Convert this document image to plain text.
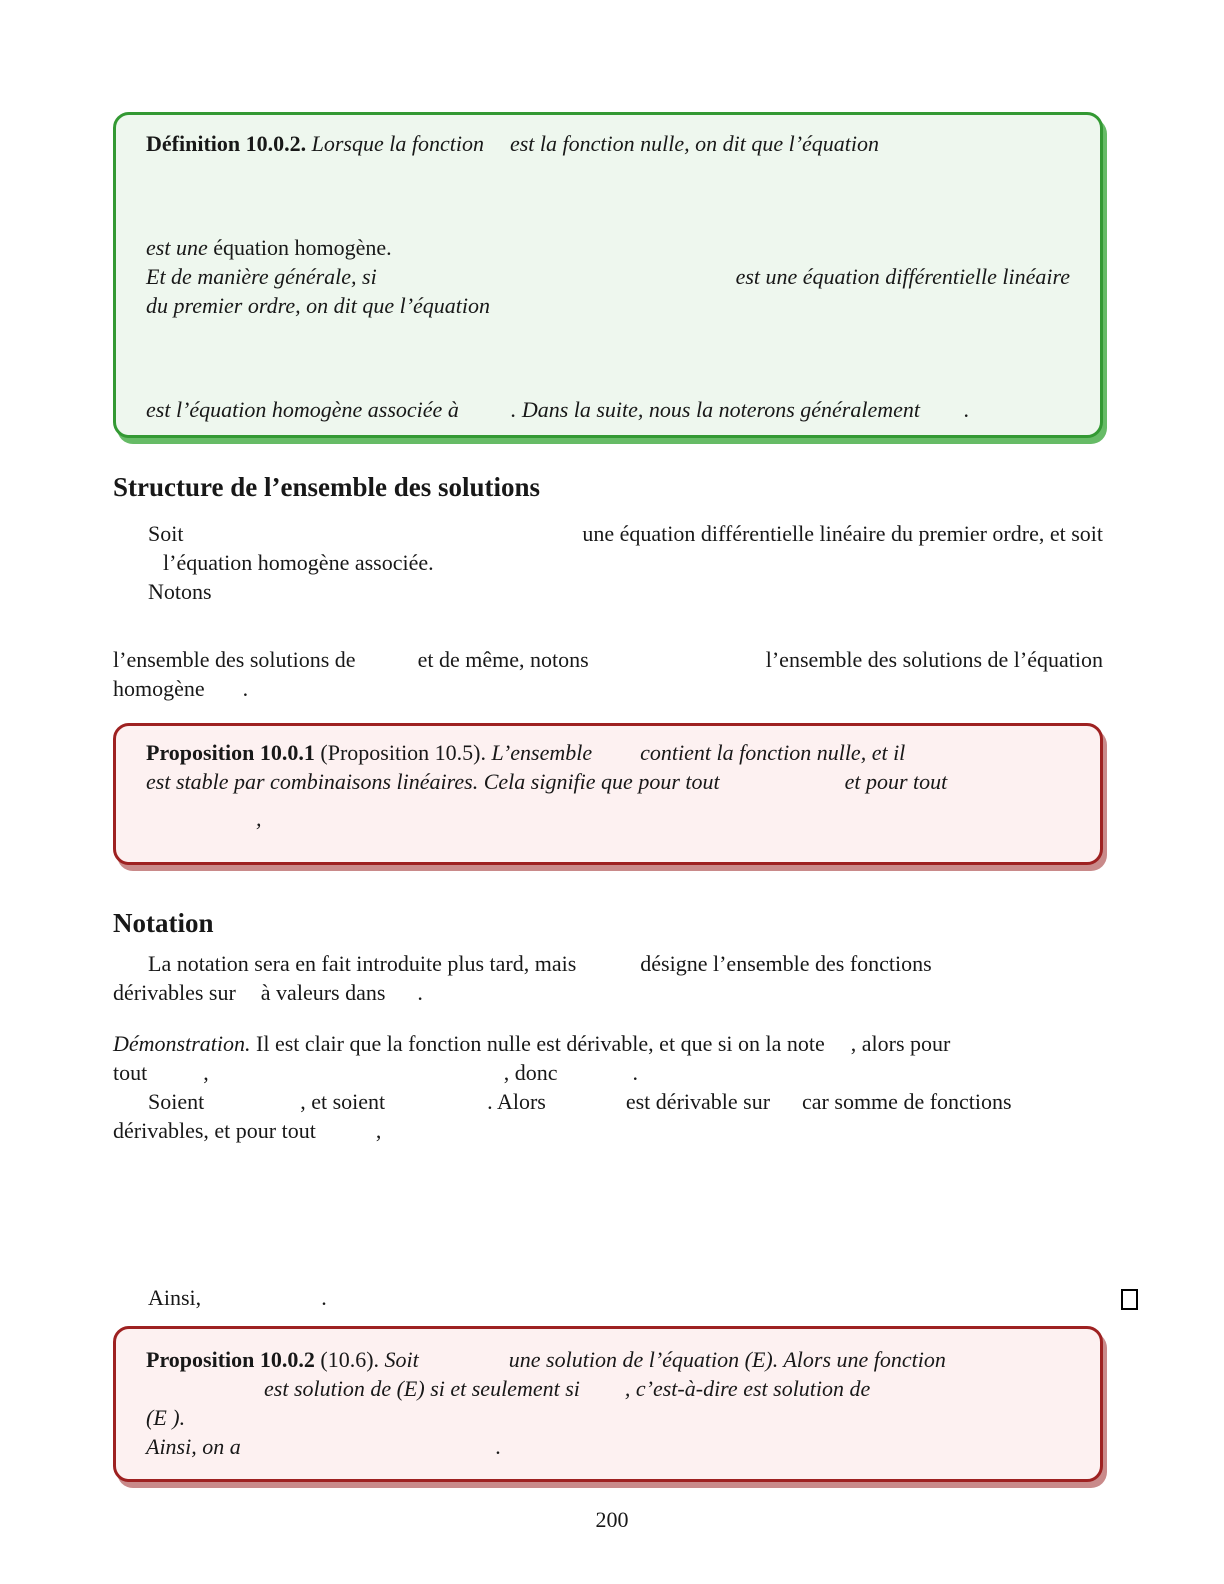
Définition 10.0.2. Lorsque la fonction est la fonction nulle, on dit que l’équation
est une équation homogène.
Et de manière générale, si	est une équation différentielle linéaire
du premier ordre, on dit que l’équation
est l’équation homogène associée à . Dans la suite, nous la noterons généralement .
Structure de l’ensemble des solutions
Soit	une équation différentielle linéaire du premier ordre, et soit
l’équation homogène associée.
Notons
l’ensemble des solutions de	et de même, notons	l’ensemble des solutions de l’équation
homogène .
Proposition 10.0.1 (Proposition 10.5). L’ensemble contient la fonction nulle, et il
est stable par combinaisons linéaires. Cela signifie que pour tout	et pour tout
,
Notation
La notation sera en fait introduite plus tard, mais	désigne l’ensemble des fonctions
dérivables sur à valeurs dans .
Démonstration. Il est clair que la fonction nulle est dérivable, et que si on la note , alors pour
tout	,	, donc	.
Soient	, et soient	. Alors	est dérivable sur car somme de fonctions
dérivables, et pour tout	,
Ainsi,	.
Proposition 10.0.2 (10.6). Soit	une solution de l’équation (E). Alors une fonction
est solution de (E) si et seulement si , c’est-à-dire est solution de
(E ).
Ainsi, on a	.
200
